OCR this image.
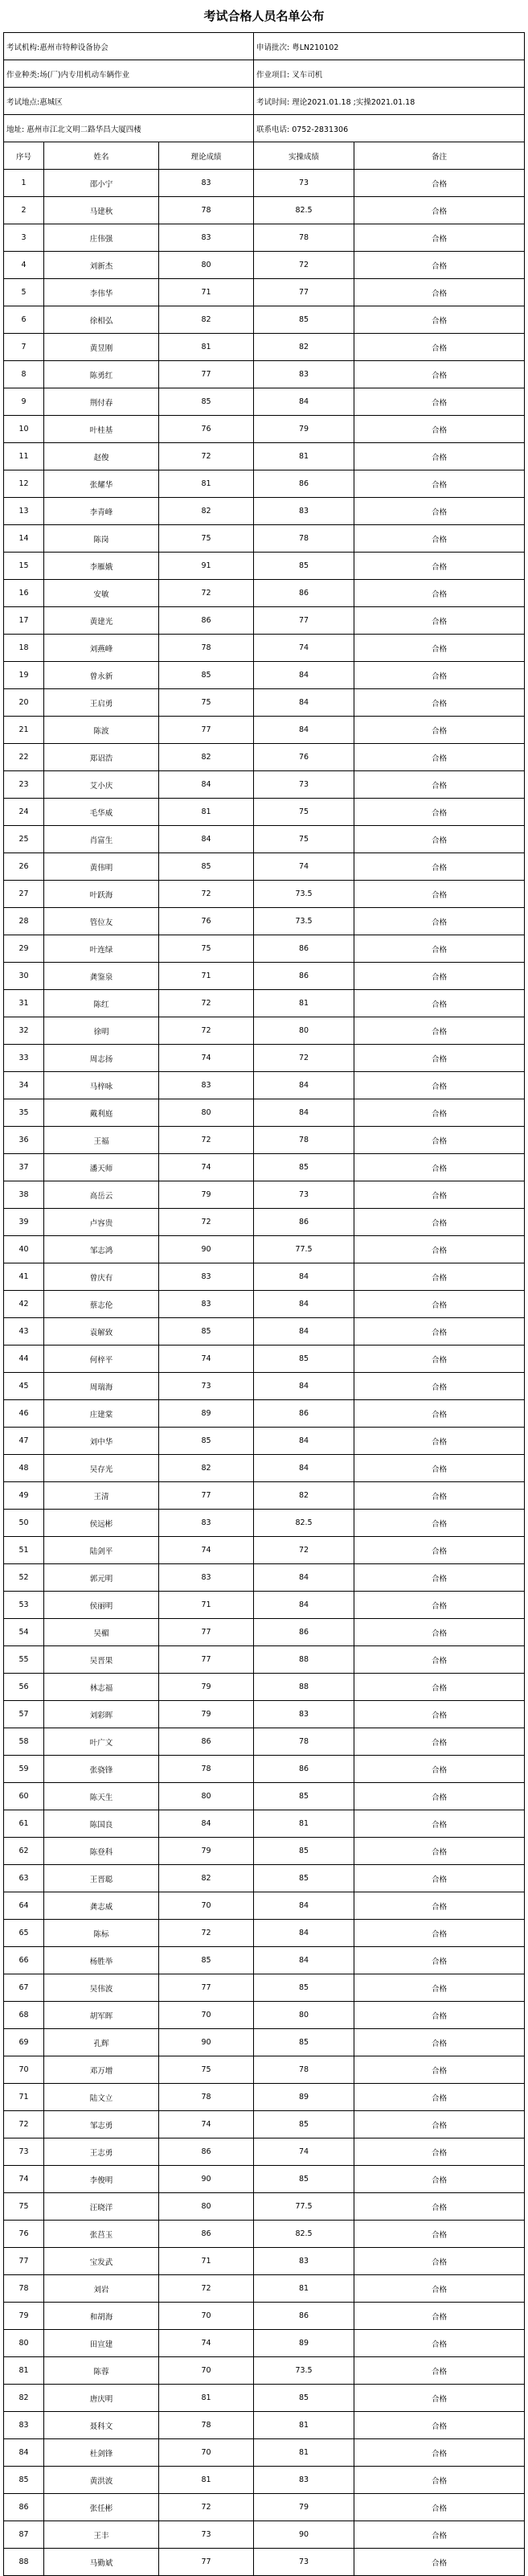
考试合格人员名单公布
考试机构:惠州市特种设备协会			申请批次: 粤LN210102	
作业种类:场(厂)内专用机动车辆作业			作业项目: 叉车司机	
考试地点:惠城区			考试时间: 理论2021.01.18 ;实操2021.01.18	
地址: 惠州市江北文明二路华昌大厦四楼			联系电话: 0752-2831306	
序号	姓名	理论成绩	实操成绩	备注
1	邵小宁	83	73	合格
2	马建秋	78	82.5	合格
3	庄伟强	83	78	合格
4	刘新杰	80	72	合格
5	李伟华	71	77	合格
6	徐相弘	82	85	合格
7	黄昱刚	81	82	合格
8	陈勇红	77	83	合格
9	荆付春	85	84	合格
10	叶桂基	76	79	合格
11	赵俊	72	81	合格
12	张耀华	81	86	合格
13	李青峰	82	83	合格
14	陈岗	75	78	合格
15	李雁娥	91	85	合格
16	安敏	72	86	合格
17	黄建光	86	77	合格
18	刘燕峰	78	74	合格
19	曾永新	85	84	合格
20	王启勇	75	84	合格
21	陈波	77	84	合格
22	郑诏浩	82	76	合格
23	艾小庆	84	73	合格
24	毛华威	81	75	合格
25	肖富生	84	75	合格
26	黄伟明	85	74	合格
27	叶跃海	72	73.5	合格
28	管位友	76	73.5	合格
29	叶连绿	75	86	合格
30	龚鉴泉	71	86	合格
31	陈红	72	81	合格
32	徐明	72	80	合格
33	周志扬	74	72	合格
34	马梓咏	83	84	合格
35	戴利庭	80	84	合格
36	王福	72	78	合格
37	潘天师	74	85	合格
38	高岳云	79	73	合格
39	卢容贵	72	86	合格
40	邹志鸿	90	77.5	合格
41	曾庆有	83	84	合格
42	蔡志伦	83	84	合格
43	袁解致	85	84	合格
44	何梓平	74	85	合格
45	周瑞海	73	84	合格
46	庄建棠	89	86	合格
47	刘中华	85	84	合格
48	吴存光	82	84	合格
49	王清	77	82	合格
50	侯远彬	83	82.5	合格
51	陆剑平	74	72	合格
52	郭元明	83	84	合格
53	侯丽明	71	84	合格
54	吴楣	77	86	合格
55	吴晋果	77	88	合格
56	林志福	79	88	合格
57	刘彩晖	79	83	合格
58	叶广文	86	78	合格
59	张骁锋	78	86	合格
60	陈天生	80	85	合格
61	陈国良	84	81	合格
62	陈登科	79	85	合格
63	王晋聪	82	85	合格
64	龚志威	70	84	合格
65	陈标	72	84	合格
66	杨胜举	85	84	合格
67	吴伟波	77	85	合格
68	胡军晖	70	80	合格
69	孔辉	90	85	合格
70	邓万增	75	78	合格
71	陆文立	78	89	合格
72	邹志勇	74	85	合格
73	王志勇	86	74	合格
74	李俊明	90	85	合格
75	汪晓洋	80	77.5	合格
76	张莒玉	86	82.5	合格
77	宝发武	71	83	合格
78	刘岩	72	81	合格
79	和胡海	70	86	合格
80	田宣建	74	89	合格
81	陈蓉	70	73.5	合格
82	唐庆明	81	85	合格
83	聂科文	78	81	合格
84	杜剑锋	70	81	合格
85	黄洪波	81	83	合格
86	张任彬	72	79	合格
87	王丰	73	90	合格
88	马勤斌	77	73	合格
